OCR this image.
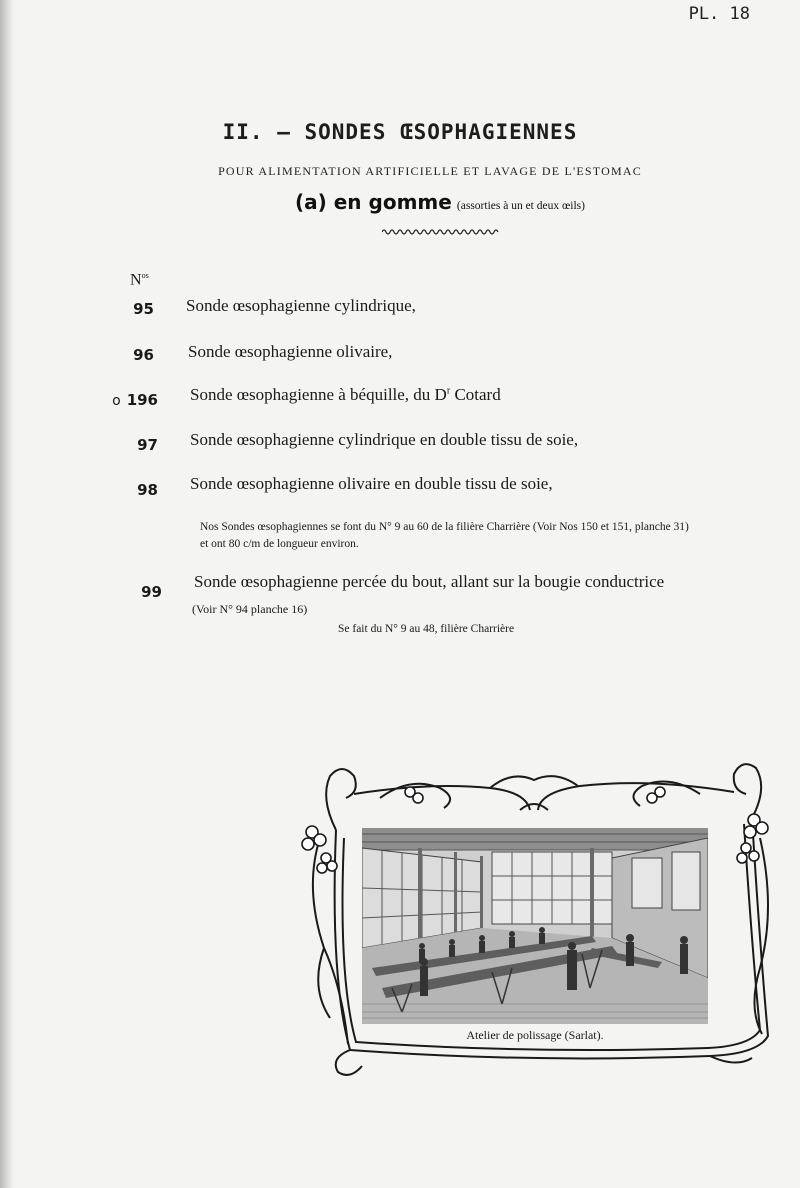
PL. 18
II. — SONDES ŒSOPHAGIENNES
POUR ALIMENTATION ARTIFICIELLE ET LAVAGE DE L'ESTOMAC
(a) en gomme (assorties à un et deux œils)
$N^{os}$
95 Sonde œsophagienne cylindrique,
96 Sonde œsophagienne olivaire,
o 196 Sonde œsophagienne à béquille, du $D^r$ Cotard
97 Sonde œsophagienne cylindrique en double tissu de soie,
98 Sonde œsophagienne olivaire en double tissu de soie,
Nos Sondes œsophagiennes se font du N° 9 au 60 de la filière Charrière (Voir Nos 150 et 151, planche 31)
et ont 80 c/m de longueur environ.
99
Sonde œsophagienne percée du bout, allant sur la bougie conductrice
(Voir N° 94 planche 16)
Se fait du N° 9 au 48, filière Charrière
Atelier de polissage (Sarlat).
